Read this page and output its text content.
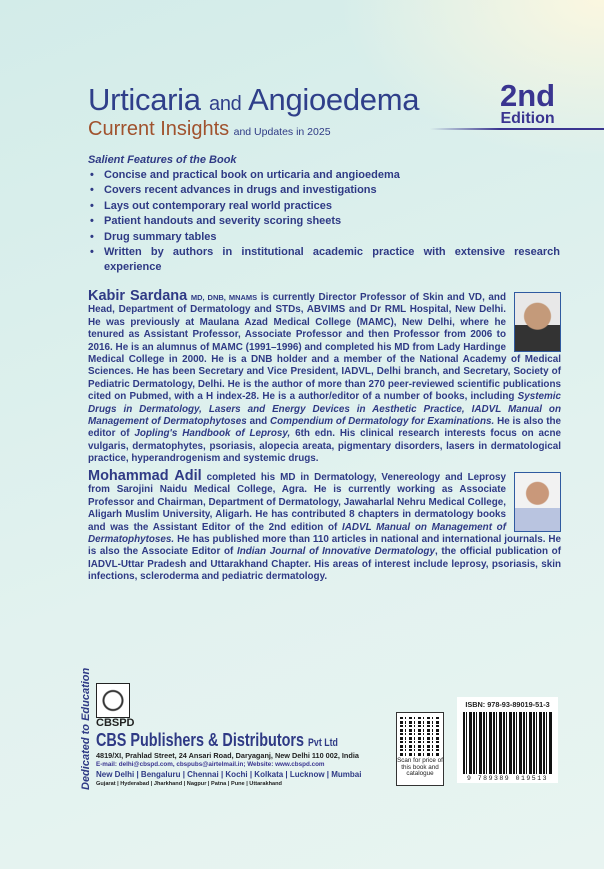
Urticaria and Angioedema
Current Insights and Updates in 2025
2nd
Edition
Salient Features of the Book
• Concise and practical book on urticaria and angioedema
• Covers recent advances in drugs and investigations
• Lays out contemporary real world practices
• Patient handouts and severity scoring sheets
• Drug summary tables
• Written by authors in institutional academic practice with extensive research experience
Kabir Sardana MD, DNB, MNAMS is currently Director Professor of Skin and VD, and Head, Department of Dermatology and STDs, ABVIMS and Dr RML Hospital, New Delhi. He was previously at Maulana Azad Medical College (MAMC), New Delhi, where he tenured as Assistant Professor, Associate Professor and then Professor from 2006 to 2016. He is an alumnus of MAMC (1991–1996) and completed his MD from Lady Hardinge Medical College in 2000. He is a DNB holder and a member of the National Academy of Medical Sciences. He has been Secretary and Vice President, IADVL, Delhi branch, and Secretary, Society of Pediatric Dermatology, Delhi. He is the author of more than 270 peer-reviewed scientific publications cited on Pubmed, with a H index-28. He is a author/editor of a number of books, including Systemic Drugs in Dermatology, Lasers and Energy Devices in Aesthetic Practice, IADVL Manual on Management of Dermatophytoses and Compendium of Dermatology for Examinations. He is also the editor of Jopling's Handbook of Leprosy, 6th edn. His clinical research interests focus on acne vulgaris, dermatophytes, psoriasis, alopecia areata, pigmentary disorders, lasers in dermatological practice, hyperandrogenism and systemic drugs.
Mohammad Adil completed his MD in Dermatology, Venereology and Leprosy from Sarojini Naidu Medical College, Agra. He is currently working as Associate Professor and Chairman, Department of Dermatology, Jawaharlal Nehru Medical College, Aligarh Muslim University, Aligarh. He has contributed 8 chapters in dermatology books and was the Assistant Editor of the 2nd edition of IADVL Manual on Management of Dermatophytoses. He has published more than 110 articles in national and international journals. He is also the Associate Editor of Indian Journal of Innovative Dermatology, the official publication of IADVL-Uttar Pradesh and Uttarakhand Chapter. His areas of interest include leprosy, psoriasis, skin infections, scleroderma and pediatric dermatology.
Dedicated to Education CBSPD
CBS Publishers & Distributors Pvt Ltd
4819/XI, Prahlad Street, 24 Ansari Road, Daryaganj, New Delhi 110 002, India
E-mail: delhi@cbspd.com, cbspubs@airtelmail.in; Website: www.cbspd.com
New Delhi | Bengaluru | Chennai | Kochi | Kolkata | Lucknow | Mumbai
Gujarat | Hyderabad | Jharkhand | Nagpur | Patna | Pune | Uttarakhand
Scan for price of this book and catalogue
ISBN: 978-93-89019-51-3
9 789389 019513
